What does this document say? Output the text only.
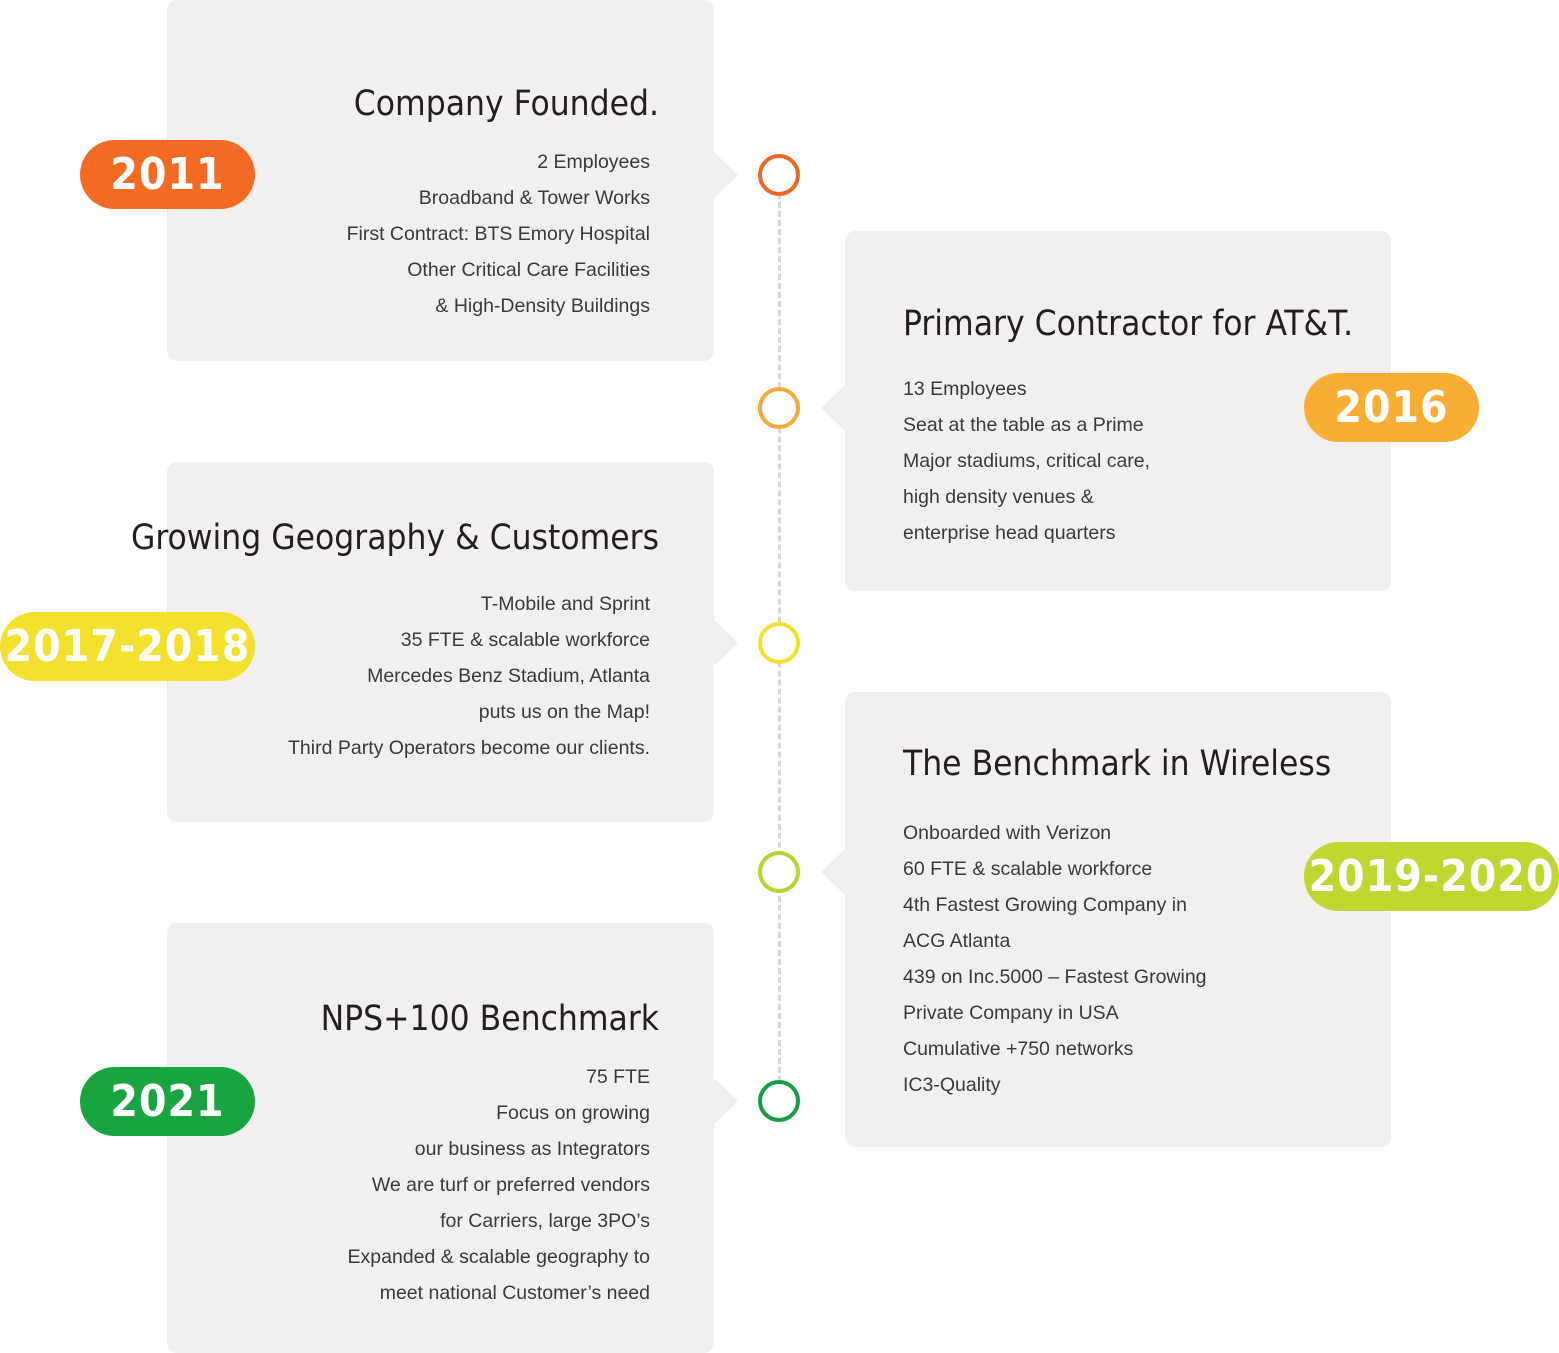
Company Founded.
2 Employees
Broadband & Tower Works
First Contract: BTS Emory Hospital
Other Critical Care Facilities
& High-Density Buildings
2011
Primary Contractor for AT&T.
13 Employees
Seat at the table as a Prime
Major stadiums, critical care,
high density venues &
enterprise head quarters
2016
Growing Geography & Customers
T-Mobile and Sprint
35 FTE & scalable workforce
Mercedes Benz Stadium, Atlanta
puts us on the Map!
Third Party Operators become our clients.
2017-2018
The Benchmark in Wireless
Onboarded with Verizon
60 FTE & scalable workforce
4th Fastest Growing Company in
ACG Atlanta
439 on Inc.5000 – Fastest Growing
Private Company in USA
Cumulative +750 networks
IC3-Quality
2019-2020
NPS+100 Benchmark
75 FTE
Focus on growing
our business as Integrators
We are turf or preferred vendors
for Carriers, large 3PO’s
Expanded & scalable geography to
meet national Customer’s need
2021
